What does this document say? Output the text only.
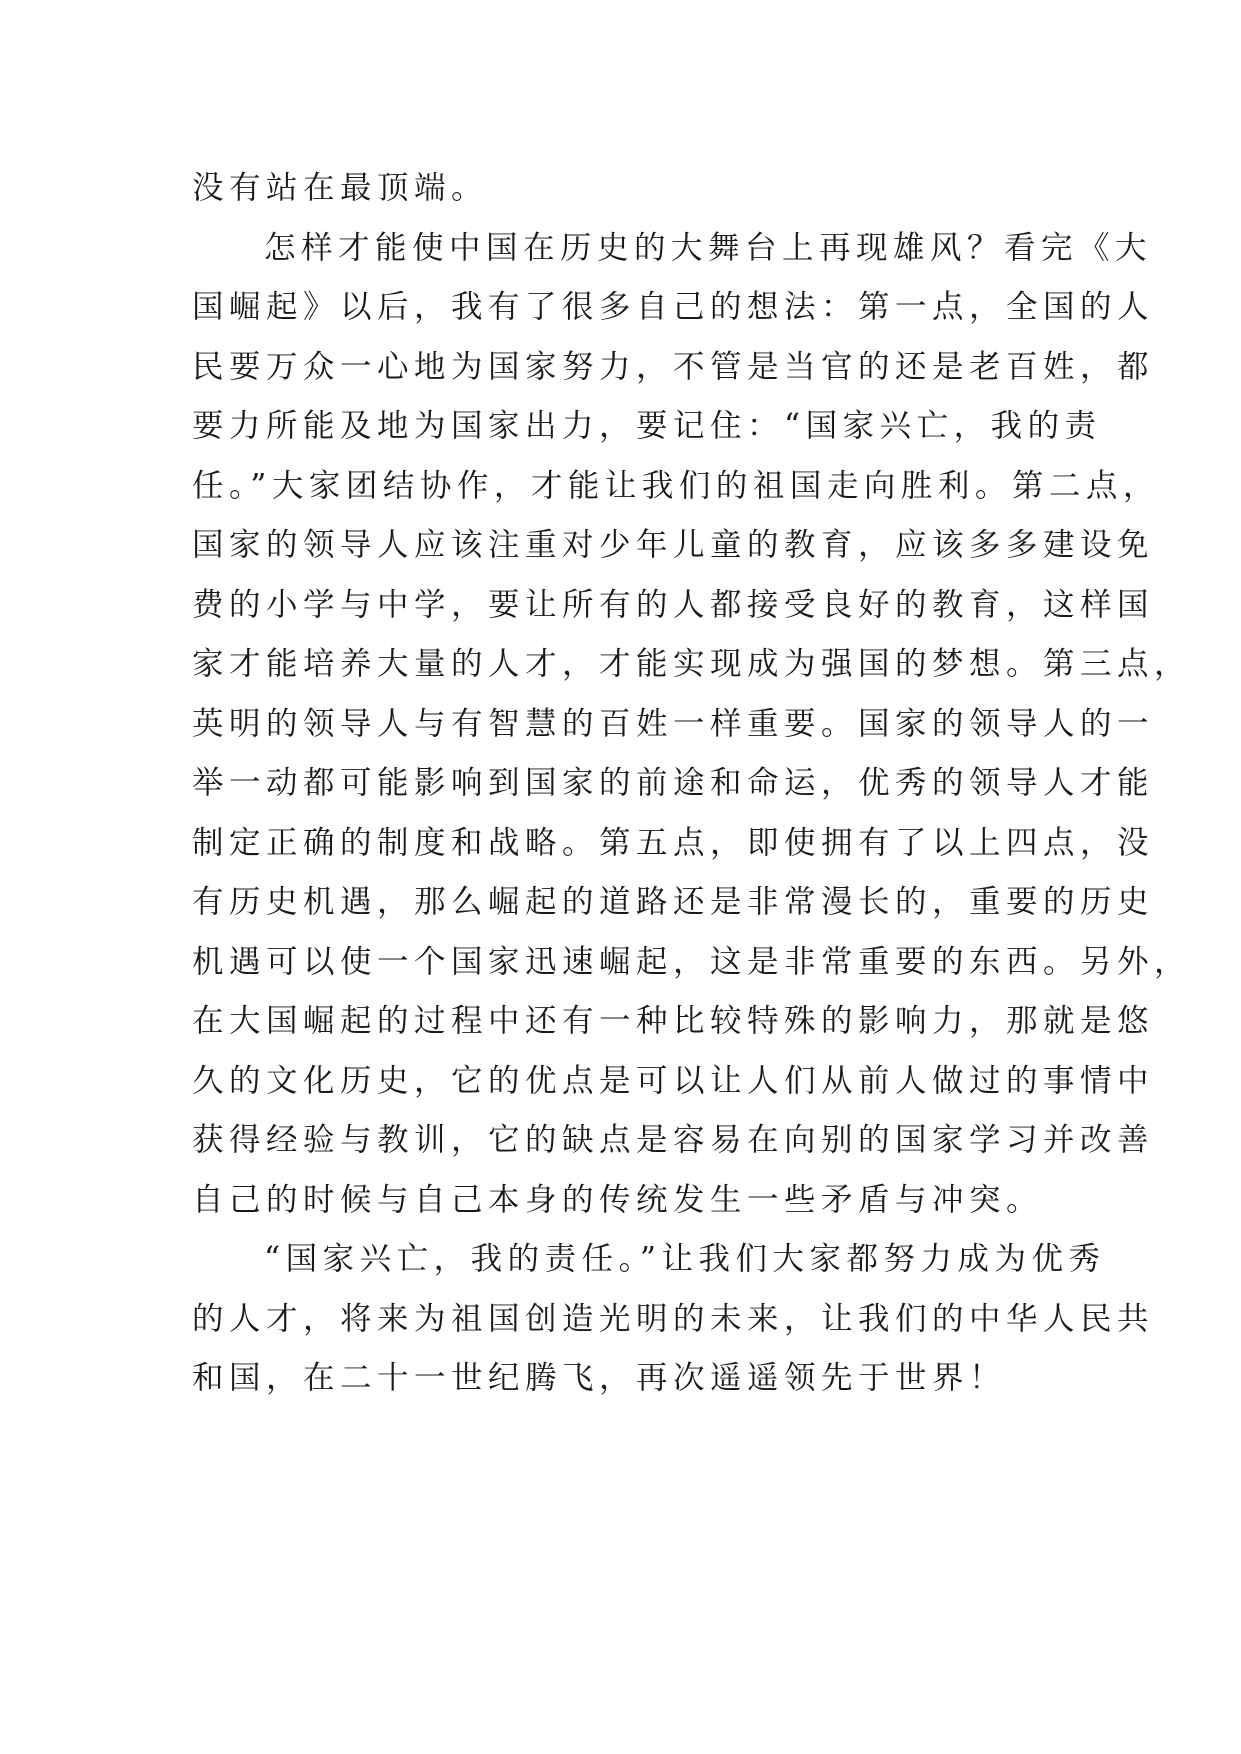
没有站在最顶端。
怎样才能使中国在历史的大舞台上再现雄风？看完《大
国崛起》以后，我有了很多自己的想法：第一点，全国的人
民要万众一心地为国家努力，不管是当官的还是老百姓，都
要力所能及地为国家出力，要记住：“国家兴亡，我的责
任。”大家团结协作，才能让我们的祖国走向胜利。第二点，
国家的领导人应该注重对少年儿童的教育，应该多多建设免
费的小学与中学，要让所有的人都接受良好的教育，这样国
家才能培养大量的人才，才能实现成为强国的梦想。第三点，
英明的领导人与有智慧的百姓一样重要。国家的领导人的一
举一动都可能影响到国家的前途和命运，优秀的领导人才能
制定正确的制度和战略。第五点，即使拥有了以上四点，没
有历史机遇，那么崛起的道路还是非常漫长的，重要的历史
机遇可以使一个国家迅速崛起，这是非常重要的东西。另外，
在大国崛起的过程中还有一种比较特殊的影响力，那就是悠
久的文化历史，它的优点是可以让人们从前人做过的事情中
获得经验与教训，它的缺点是容易在向别的国家学习并改善
自己的时候与自己本身的传统发生一些矛盾与冲突。
“国家兴亡，我的责任。”让我们大家都努力成为优秀
的人才，将来为祖国创造光明的未来，让我们的中华人民共
和国，在二十一世纪腾飞，再次遥遥领先于世界！
